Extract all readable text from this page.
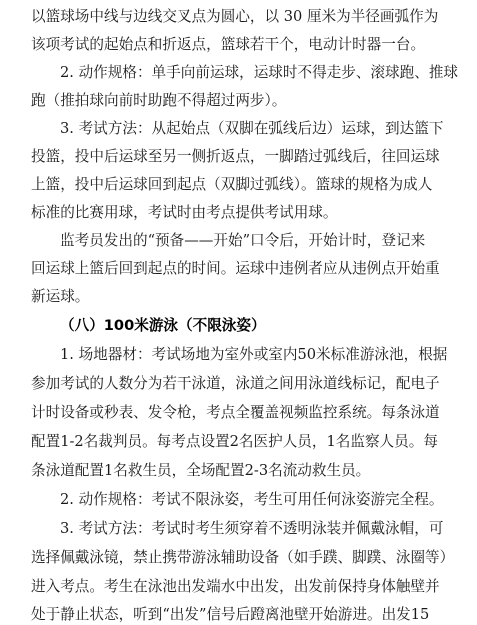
以篮球场中线与边线交叉点为圆心，以 30 厘米为半径画弧作为
该项考试的起始点和折返点，篮球若干个，电动计时器一台。
2. 动作规格：单手向前运球，运球时不得走步、滚球跑、推球
跑（推拍球向前时助跑不得超过两步）。
3. 考试方法：从起始点（双脚在弧线后边）运球，到达篮下
投篮，投中后运球至另一侧折返点，一脚踏过弧线后，往回运球
上篮，投中后运球回到起点（双脚过弧线）。篮球的规格为成人
标准的比赛用球，考试时由考点提供考试用球。
监考员发出的“预备——开始”口令后，开始计时，登记来
回运球上篮后回到起点的时间。运球中违例者应从违例点开始重
新运球。
（八）100米游泳（不限泳姿）
1. 场地器材：考试场地为室外或室内50米标准游泳池，根据
参加考试的人数分为若干泳道，泳道之间用泳道线标记，配电子
计时设备或秒表、发令枪，考点全覆盖视频监控系统。每条泳道
配置1-2名裁判员。每考点设置2名医护人员，1名监察人员。每
条泳道配置1名救生员，全场配置2-3名流动救生员。
2. 动作规格：考试不限泳姿，考生可用任何泳姿游完全程。
3. 考试方法：考试时考生须穿着不透明泳装并佩戴泳帽，可
选择佩戴泳镜，禁止携带游泳辅助设备（如手蹼、脚蹼、泳圈等）
进入考点。考生在泳池出发端水中出发，出发前保持身体触壁并
处于静止状态，听到“出发”信号后蹬离池壁开始游进。出发15
